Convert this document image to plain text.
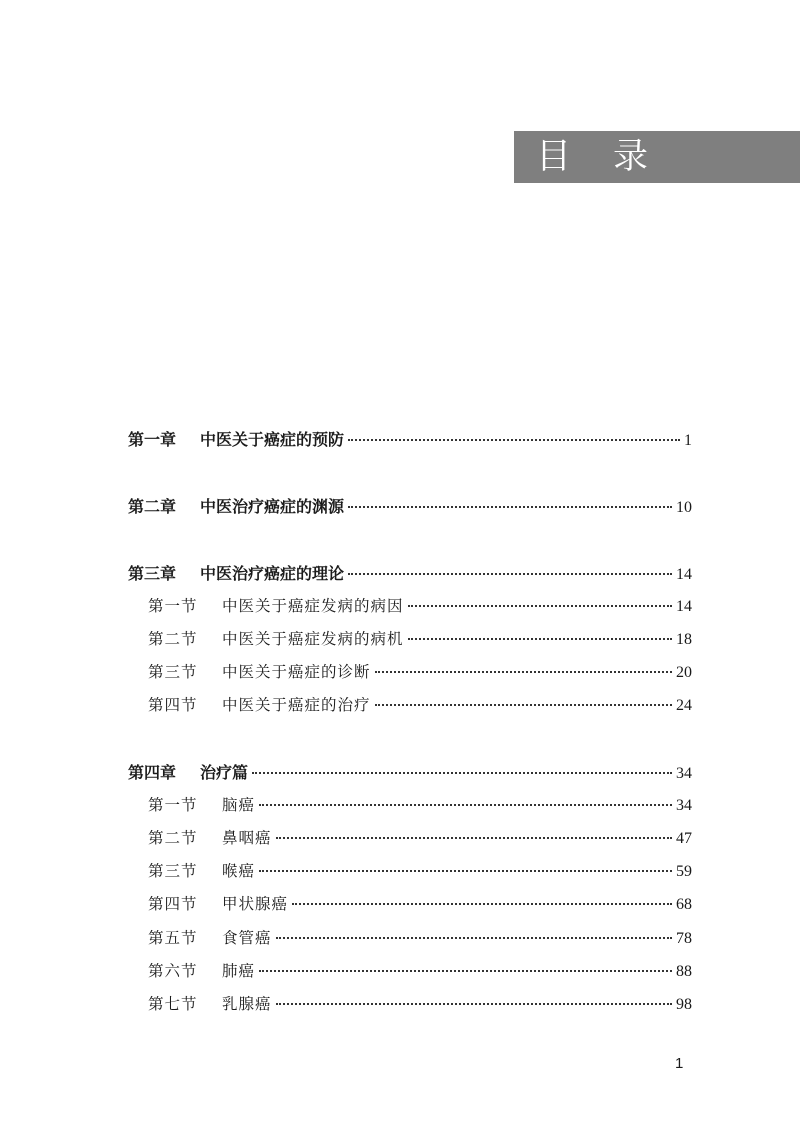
目录
第一章	中医关于癌症的预防	1
第二章	中医治疗癌症的渊源	10
第三章	中医治疗癌症的理论	14
第一节	中医关于癌症发病的病因	14
第二节	中医关于癌症发病的病机	18
第三节	中医关于癌症的诊断	20
第四节	中医关于癌症的治疗	24
第四章	治疗篇	34
第一节	脑癌	34
第二节	鼻咽癌	47
第三节	喉癌	59
第四节	甲状腺癌	68
第五节	食管癌	78
第六节	肺癌	88
第七节	乳腺癌	98
1
